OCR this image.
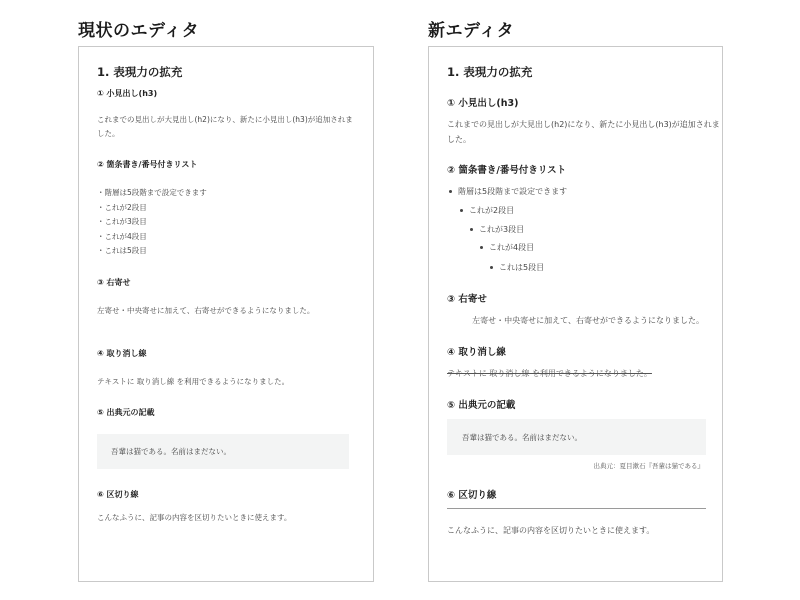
現状のエディタ	新エディタ
1. 表現力の拡充
① 小見出し(h3)
これまでの見出しが大見出し(h2)になり、新たに小見出し(h3)が追加されま
した。
② 箇条書き/番号付きリスト
・階層は5段階まで設定できます
・これが2段目
・これが3段目
・これが4段目
・これは5段目
③ 右寄せ
左寄せ・中央寄せに加えて、右寄せができるようになりました。
④ 取り消し線
テキストに 取り消し線 を利用できるようになりました。
⑤ 出典元の記載
吾輩は猫である。名前はまだない。
⑥ 区切り線
こんなふうに、記事の内容を区切りたいときに使えます。
1. 表現力の拡充
① 小見出し(h3)
これまでの見出しが大見出し(h2)になり、新たに小見出し(h3)が追加されま
した。
② 箇条書き/番号付きリスト
階層は5段階まで設定できます
これが2段目
これが3段目
これが4段目
これは5段目
③ 右寄せ
左寄せ・中央寄せに加えて、右寄せができるようになりました。
④ 取り消し線
テキストに 取り消し線 を利用できるようになりました。
⑤ 出典元の記載
吾輩は猫である。名前はまだない。
出典元：夏目漱石『吾輩は猫である』
⑥ 区切り線
こんなふうに、記事の内容を区切りたいときに使えます。
